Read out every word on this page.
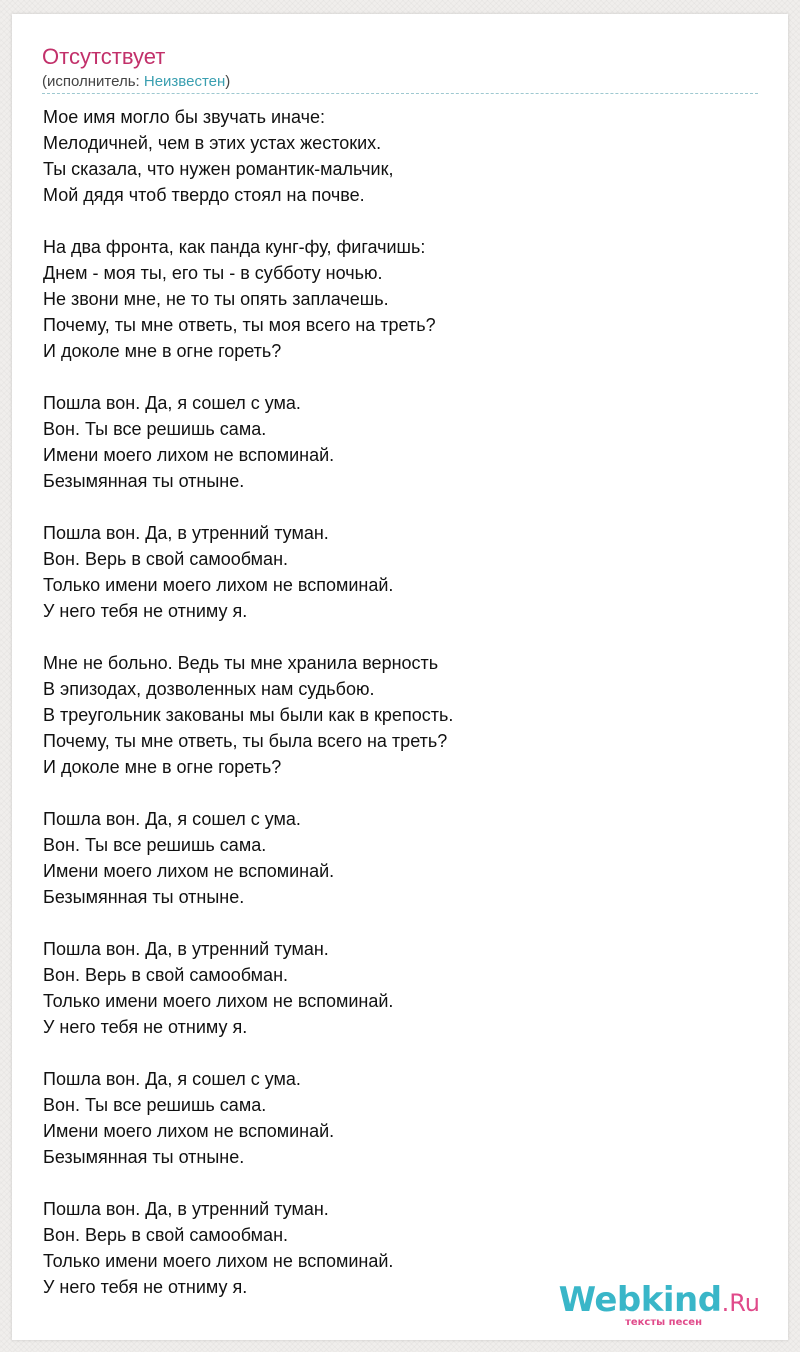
Отсутствует
(исполнитель: Неизвестен)
Мое имя могло бы звучать иначе:
Мелодичней, чем в этих устах жестоких.
Ты сказала, что нужен романтик-мальчик,
Мой дядя чтоб твердо стоял на почве.
На два фронта, как панда кунг-фу, фигачишь:
Днем - моя ты, его ты - в субботу ночью.
Не звони мне, не то ты опять заплачешь.
Почему, ты мне ответь, ты моя всего на треть?
И доколе мне в огне гореть?
Пошла вон. Да, я сошел с ума.
Вон. Ты все решишь сама.
Имени моего лихом не вспоминай.
Безымянная ты отныне.
Пошла вон. Да, в утренний туман.
Вон. Верь в свой самообман.
Только имени моего лихом не вспоминай.
У него тебя не отниму я.
Мне не больно. Ведь ты мне хранила верность
В эпизодах, дозволенных нам судьбою.
В треугольник закованы мы были как в крепость.
Почему, ты мне ответь, ты была всего на треть?
И доколе мне в огне гореть?
Пошла вон. Да, я сошел с ума.
Вон. Ты все решишь сама.
Имени моего лихом не вспоминай.
Безымянная ты отныне.
Пошла вон. Да, в утренний туман.
Вон. Верь в свой самообман.
Только имени моего лихом не вспоминай.
У него тебя не отниму я.
Пошла вон. Да, я сошел с ума.
Вон. Ты все решишь сама.
Имени моего лихом не вспоминай.
Безымянная ты отныне.
Пошла вон. Да, в утренний туман.
Вон. Верь в свой самообман.
Только имени моего лихом не вспоминай.
У него тебя не отниму я.	Webkind.Ru
тексты песен
